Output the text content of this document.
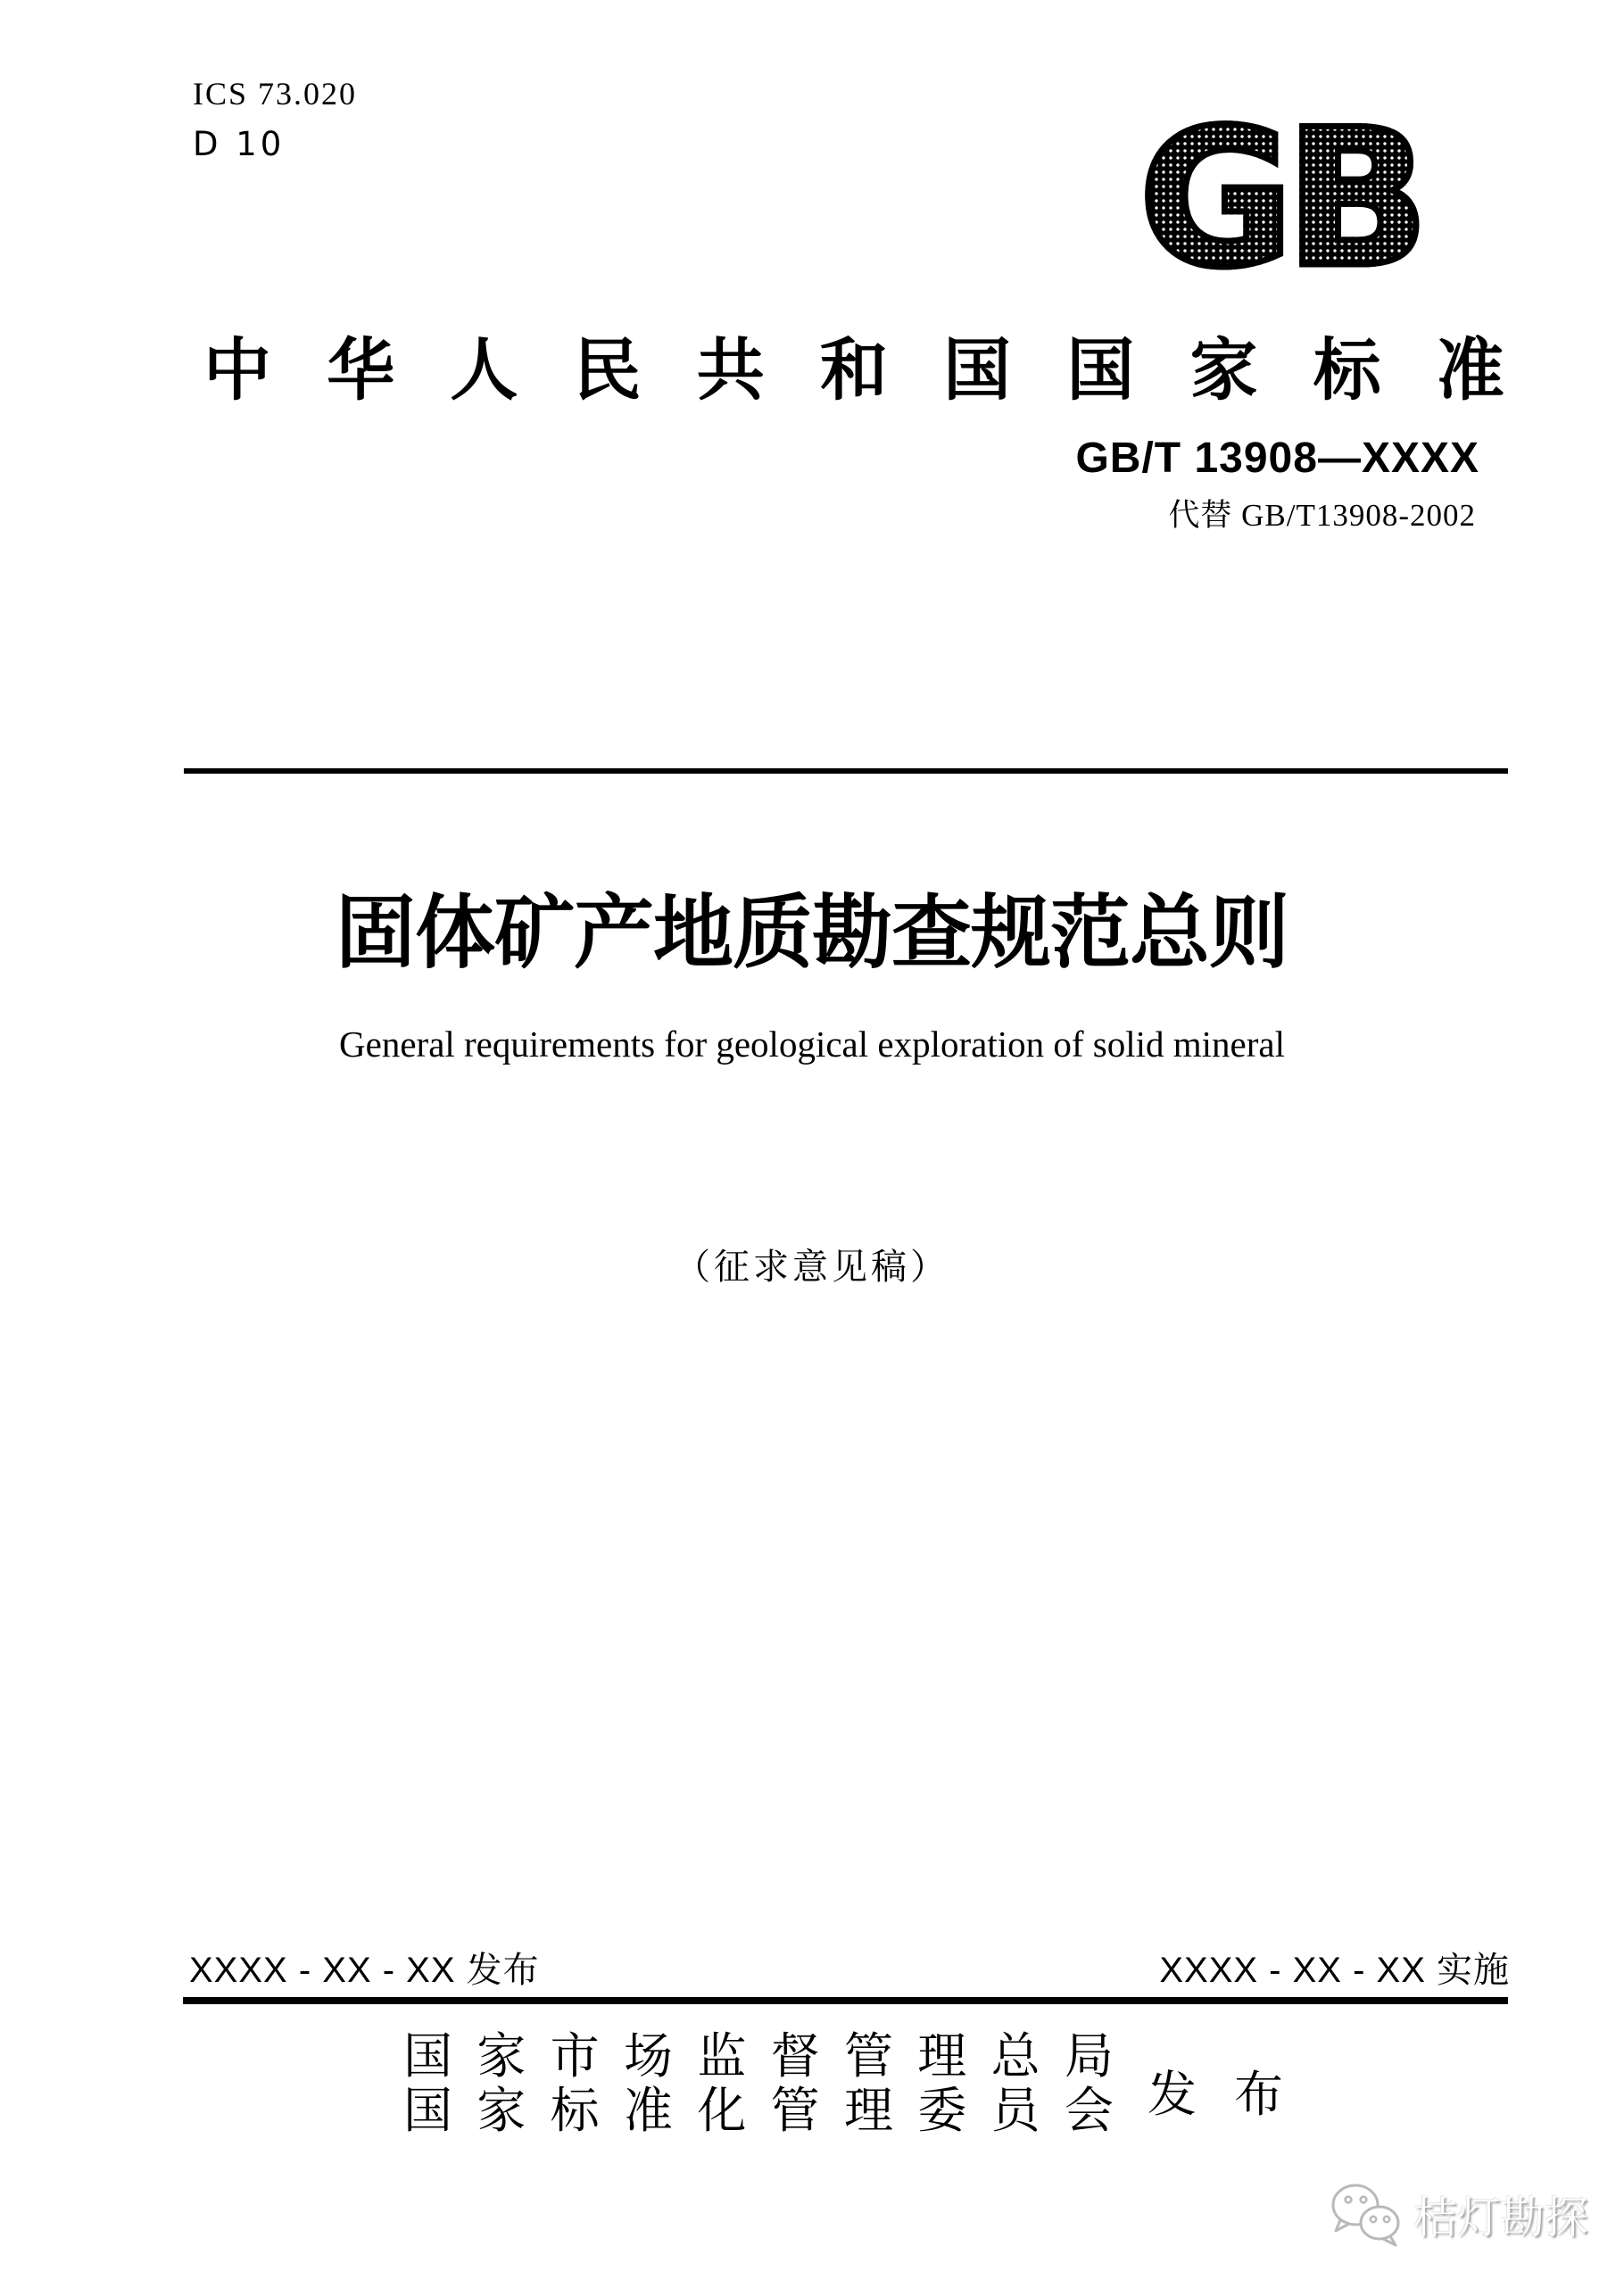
ICS 73.020
D 10	GB
中 华 人 民 共 和 国 国 家 标 准
GB/T 13908—XXXX
代替 GB/T13908-2002
固体矿产地质勘查规范总则
General requirements for geological exploration of solid mineral
（征求意见稿）
XXXX - XX - XX 发布	XXXX - XX - XX 实施
国 家 市 场 监 督 管 理 总 局
国 家 标 准 化 管 理 委 员 会 发 布
桔灯勘探
